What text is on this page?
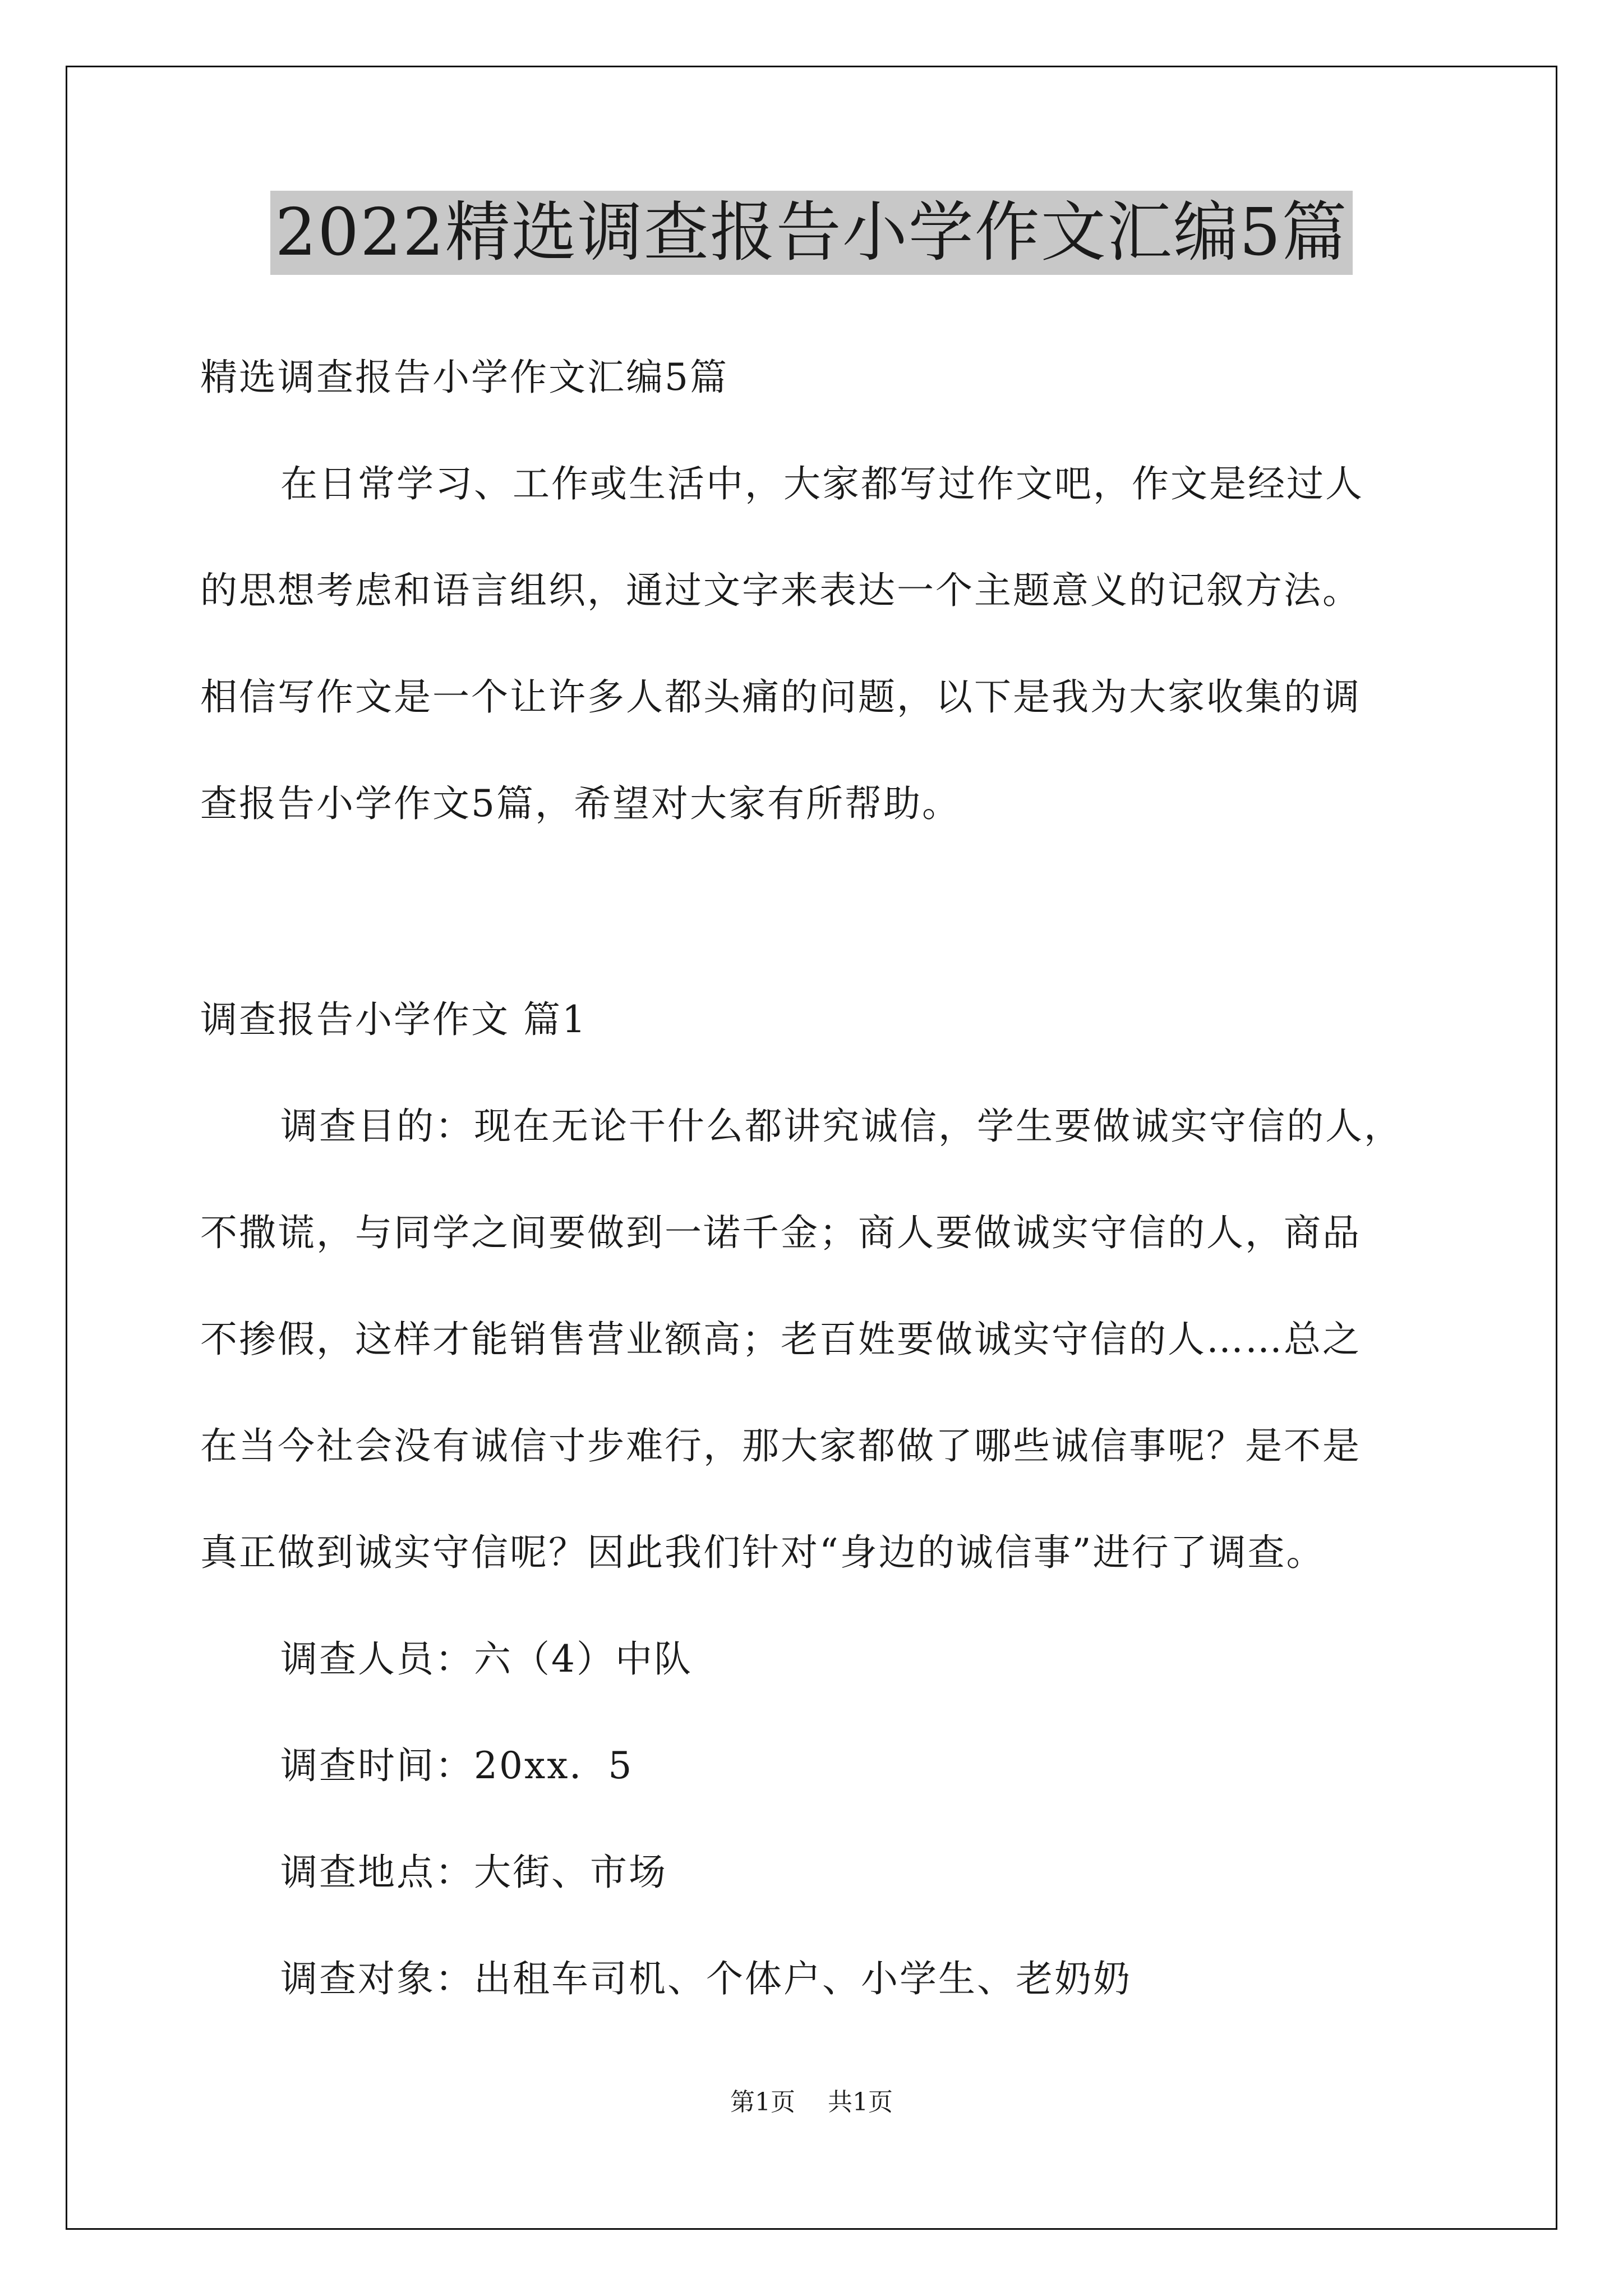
2022精选调查报告小学作文汇编5篇
精选调查报告小学作文汇编5篇
在日常学习、工作或生活中，大家都写过作文吧，作文是经过人
的思想考虑和语言组织，通过文字来表达一个主题意义的记叙方法。
相信写作文是一个让许多人都头痛的问题，以下是我为大家收集的调
查报告小学作文5篇，希望对大家有所帮助。
调查报告小学作文 篇1
调查目的：现在无论干什么都讲究诚信，学生要做诚实守信的人，
不撒谎，与同学之间要做到一诺千金；商人要做诚实守信的人，商品
不掺假，这样才能销售营业额高；老百姓要做诚实守信的人……总之
在当今社会没有诚信寸步难行，那大家都做了哪些诚信事呢？是不是
真正做到诚实守信呢？因此我们针对“身边的诚信事”进行了调查。
调查人员：六（4）中队
调查时间：20xx．5
调查地点：大街、市场
调查对象：出租车司机、个体户、小学生、老奶奶
第1页 共1页
